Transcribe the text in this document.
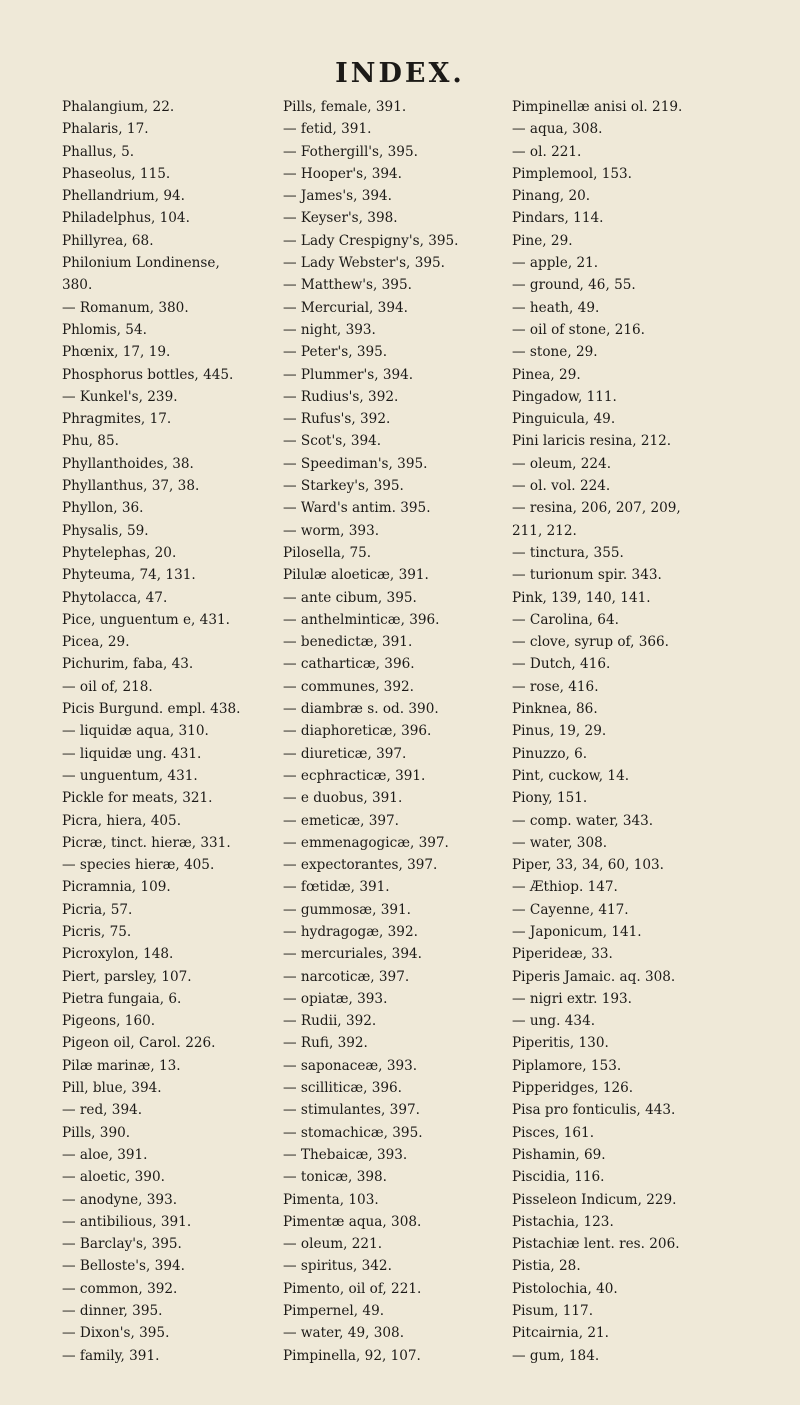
INDEX.
Phalangium, 22.
Phalaris, 17.
Phallus, 5.
Phaseolus, 115.
Phellandrium, 94.
Philadelphus, 104.
Phillyrea, 68.
Philonium Londinense,
380.
— Romanum, 380.
Phlomis, 54.
Phœnix, 17, 19.
Phosphorus bottles, 445.
— Kunkel's, 239.
Phragmites, 17.
Phu, 85.
Phyllanthoides, 38.
Phyllanthus, 37, 38.
Phyllon, 36.
Physalis, 59.
Phytelephas, 20.
Phyteuma, 74, 131.
Phytolacca, 47.
Pice, unguentum e, 431.
Picea, 29.
Pichurim, faba, 43.
— oil of, 218.
Picis Burgund. empl. 438.
— liquidæ aqua, 310.
— liquidæ ung. 431.
— unguentum, 431.
Pickle for meats, 321.
Picra, hiera, 405.
Picræ, tinct. hieræ, 331.
— species hieræ, 405.
Picramnia, 109.
Picria, 57.
Picris, 75.
Picroxylon, 148.
Piert, parsley, 107.
Pietra fungaia, 6.
Pigeons, 160.
Pigeon oil, Carol. 226.
Pilæ marinæ, 13.
Pill, blue, 394.
— red, 394.
Pills, 390.
— aloe, 391.
— aloetic, 390.
— anodyne, 393.
— antibilious, 391.
— Barclay's, 395.
— Belloste's, 394.
— common, 392.
— dinner, 395.
— Dixon's, 395.
— family, 391.
Pills, female, 391.
— fetid, 391.
— Fothergill's, 395.
— Hooper's, 394.
— James's, 394.
— Keyser's, 398.
— Lady Crespigny's, 395.
— Lady Webster's, 395.
— Matthew's, 395.
— Mercurial, 394.
— night, 393.
— Peter's, 395.
— Plummer's, 394.
— Rudius's, 392.
— Rufus's, 392.
— Scot's, 394.
— Speediman's, 395.
— Starkey's, 395.
— Ward's antim. 395.
— worm, 393.
Pilosella, 75.
Pilulæ aloeticæ, 391.
— ante cibum, 395.
— anthelminticæ, 396.
— benedictæ, 391.
— catharticæ, 396.
— communes, 392.
— diambræ s. od. 390.
— diaphoreticæ, 396.
— diureticæ, 397.
— ecphracticæ, 391.
— e duobus, 391.
— emeticæ, 397.
— emmenagogicæ, 397.
— expectorantes, 397.
— fœtidæ, 391.
— gummosæ, 391.
— hydragogæ, 392.
— mercuriales, 394.
— narcoticæ, 397.
— opiatæ, 393.
— Rudii, 392.
— Rufi, 392.
— saponaceæ, 393.
— scilliticæ, 396.
— stimulantes, 397.
— stomachicæ, 395.
— Thebaicæ, 393.
— tonicæ, 398.
Pimenta, 103.
Pimentæ aqua, 308.
— oleum, 221.
— spiritus, 342.
Pimento, oil of, 221.
Pimpernel, 49.
— water, 49, 308.
Pimpinella, 92, 107.
Pimpinellæ anisi ol. 219.
— aqua, 308.
— ol. 221.
Pimplemool, 153.
Pinang, 20.
Pindars, 114.
Pine, 29.
— apple, 21.
— ground, 46, 55.
— heath, 49.
— oil of stone, 216.
— stone, 29.
Pinea, 29.
Pingadow, 111.
Pinguicula, 49.
Pini laricis resina, 212.
— oleum, 224.
— ol. vol. 224.
— resina, 206, 207, 209,
211, 212.
— tinctura, 355.
— turionum spir. 343.
Pink, 139, 140, 141.
— Carolina, 64.
— clove, syrup of, 366.
— Dutch, 416.
— rose, 416.
Pinknea, 86.
Pinus, 19, 29.
Pinuzzo, 6.
Pint, cuckow, 14.
Piony, 151.
— comp. water, 343.
— water, 308.
Piper, 33, 34, 60, 103.
— Æthiop. 147.
— Cayenne, 417.
— Japonicum, 141.
Piperideæ, 33.
Piperis Jamaic. aq. 308.
— nigri extr. 193.
— ung. 434.
Piperitis, 130.
Piplamore, 153.
Pipperidges, 126.
Pisa pro fonticulis, 443.
Pisces, 161.
Pishamin, 69.
Piscidia, 116.
Pisseleon Indicum, 229.
Pistachia, 123.
Pistachiæ lent. res. 206.
Pistia, 28.
Pistolochia, 40.
Pisum, 117.
Pitcairnia, 21.
— gum, 184.
